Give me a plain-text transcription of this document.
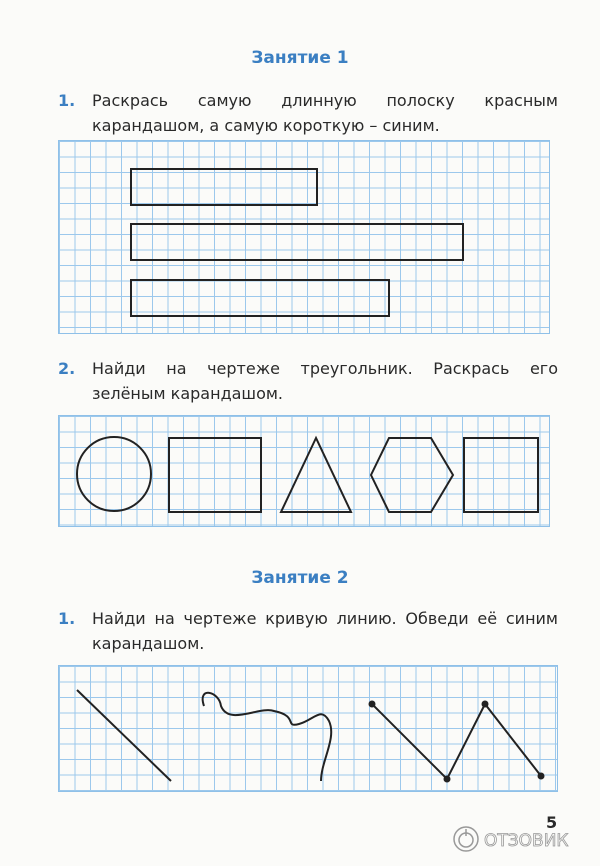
Занятие 1
1. Раскрась самую длинную полоску красным карандашом, а самую короткую – синим.
2. Найди на чертеже треугольник. Раскрась его зелёным карандашом.
Занятие 2
1. Найди на чертеже кривую линию. Обведи её синим карандашом.
5
ОТЗОВИК
